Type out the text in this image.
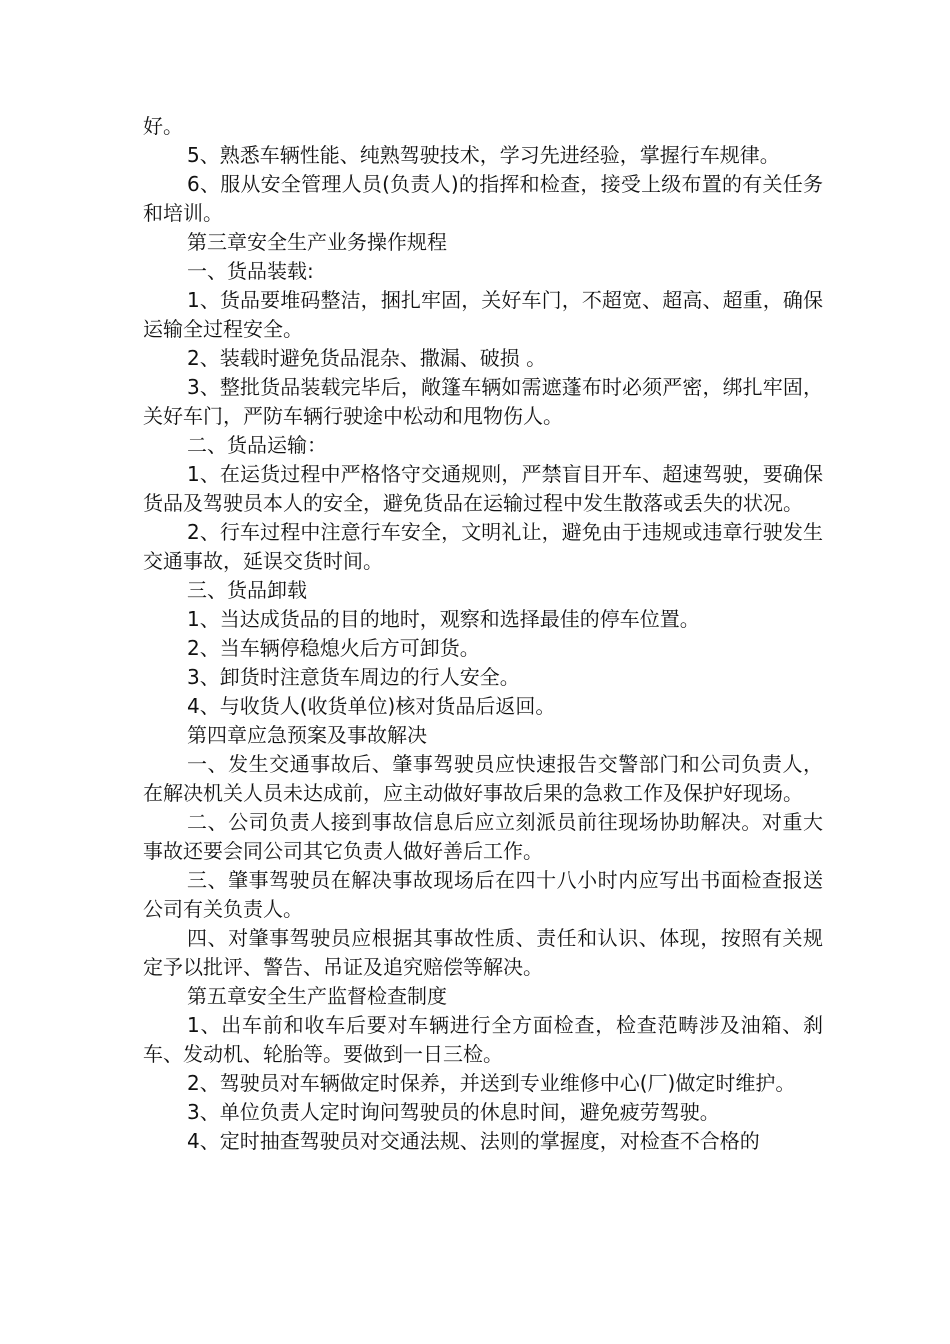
好。

5、熟悉车辆性能、纯熟驾驶技术，学习先进经验，掌握行车规律。

6、服从安全管理人员(负责人)的指挥和检查，接受上级布置的有关任务和培训。

第三章安全生产业务操作规程

一、货品装载:

1、货品要堆码整洁，捆扎牢固，关好车门，不超宽、超高、超重，确保运输全过程安全。

2、装载时避免货品混杂、撒漏、破损 。

3、整批货品装载完毕后，敞篷车辆如需遮蓬布时必须严密，绑扎牢固，关好车门，严防车辆行驶途中松动和甩物伤人。

二、货品运输：

1、在运货过程中严格恪守交通规则，严禁盲目开车、超速驾驶，要确保货品及驾驶员本人的安全，避免货品在运输过程中发生散落或丢失的状况。

2、行车过程中注意行车安全，文明礼让，避免由于违规或违章行驶发生交通事故，延误交货时间。

三、货品卸载

1、当达成货品的目的地时，观察和选择最佳的停车位置。

2、当车辆停稳熄火后方可卸货。

3、卸货时注意货车周边的行人安全。

4、与收货人(收货单位)核对货品后返回。

第四章应急预案及事故解决

一、发生交通事故后、肇事驾驶员应快速报告交警部门和公司负责人，在解决机关人员未达成前，应主动做好事故后果的急救工作及保护好现场。

二、公司负责人接到事故信息后应立刻派员前往现场协助解决。对重大事故还要会同公司其它负责人做好善后工作。

三、肇事驾驶员在解决事故现场后在四十八小时内应写出书面检查报送公司有关负责人。

四、对肇事驾驶员应根据其事故性质、责任和认识、体现，按照有关规定予以批评、警告、吊证及追究赔偿等解决。

第五章安全生产监督检查制度

1、出车前和收车后要对车辆进行全方面检查，检查范畴涉及油箱、刹车、发动机、轮胎等。要做到一日三检。

2、驾驶员对车辆做定时保养，并送到专业维修中心(厂)做定时维护。

3、单位负责人定时询问驾驶员的休息时间，避免疲劳驾驶。

4、定时抽查驾驶员对交通法规、法则的掌握度，对检查不合格的
